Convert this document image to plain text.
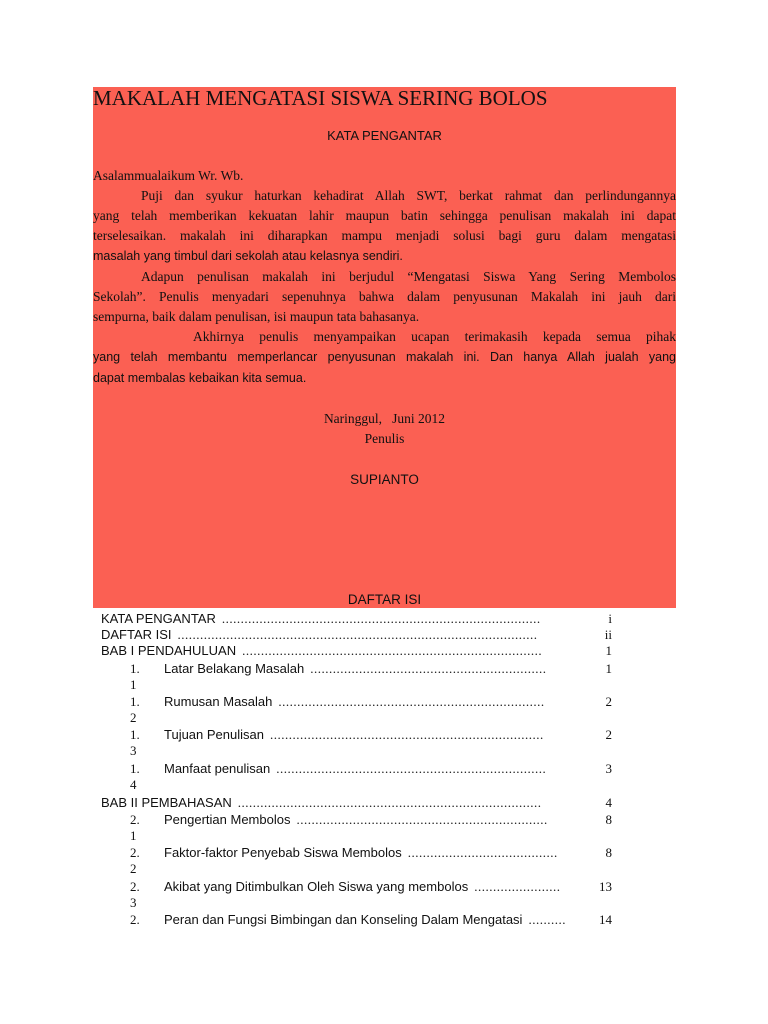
MAKALAH MENGATASI SISWA SERING BOLOS
KATA PENGANTAR
Asalammualaikum Wr. Wb.
Puji dan syukur haturkan kehadirat Allah SWT, berkat rahmat dan perlindungannya
yang telah memberikan kekuatan lahir maupun batin sehingga penulisan makalah ini dapat
terselesaikan. makalah ini diharapkan mampu menjadi solusi bagi guru dalam mengatasi
masalah yang timbul dari sekolah atau kelasnya sendiri.
Adapun penulisan makalah ini berjudul “Mengatasi Siswa Yang Sering Membolos
Sekolah”. Penulis menyadari sepenuhnya bahwa dalam penyusunan Makalah ini jauh dari
sempurna, baik dalam penulisan, isi maupun tata bahasanya.
Akhirnya penulis menyampaikan ucapan terimakasih kepada semua pihak
yang telah membantu memperlancar penyusunan makalah ini. Dan hanya Allah jualah yang
dapat membalas kebaikan kita semua.
Naringgul,   Juni 2012
Penulis
SUPIANTO
DAFTAR ISI
KATA PENGANTAR .....................................................................................	i
DAFTAR ISI ................................................................................................	ii
BAB I PENDAHULUAN ................................................................................	1
1. Latar Belakang Masalah ...............................................................	1
1
1. Rumusan Masalah .......................................................................	2
2
1. Tujuan Penulisan .........................................................................	2
3
1. Manfaat penulisan ........................................................................	3
4
BAB II PEMBAHASAN .................................................................................	4
2. Pengertian Membolos ...................................................................	8
1
2. Faktor-faktor Penyebab Siswa Membolos ........................................	8
2
2. Akibat yang Ditimbulkan Oleh Siswa yang membolos .......................	13
3
2. Peran dan Fungsi Bimbingan dan Konseling Dalam Mengatasi ..........	14
